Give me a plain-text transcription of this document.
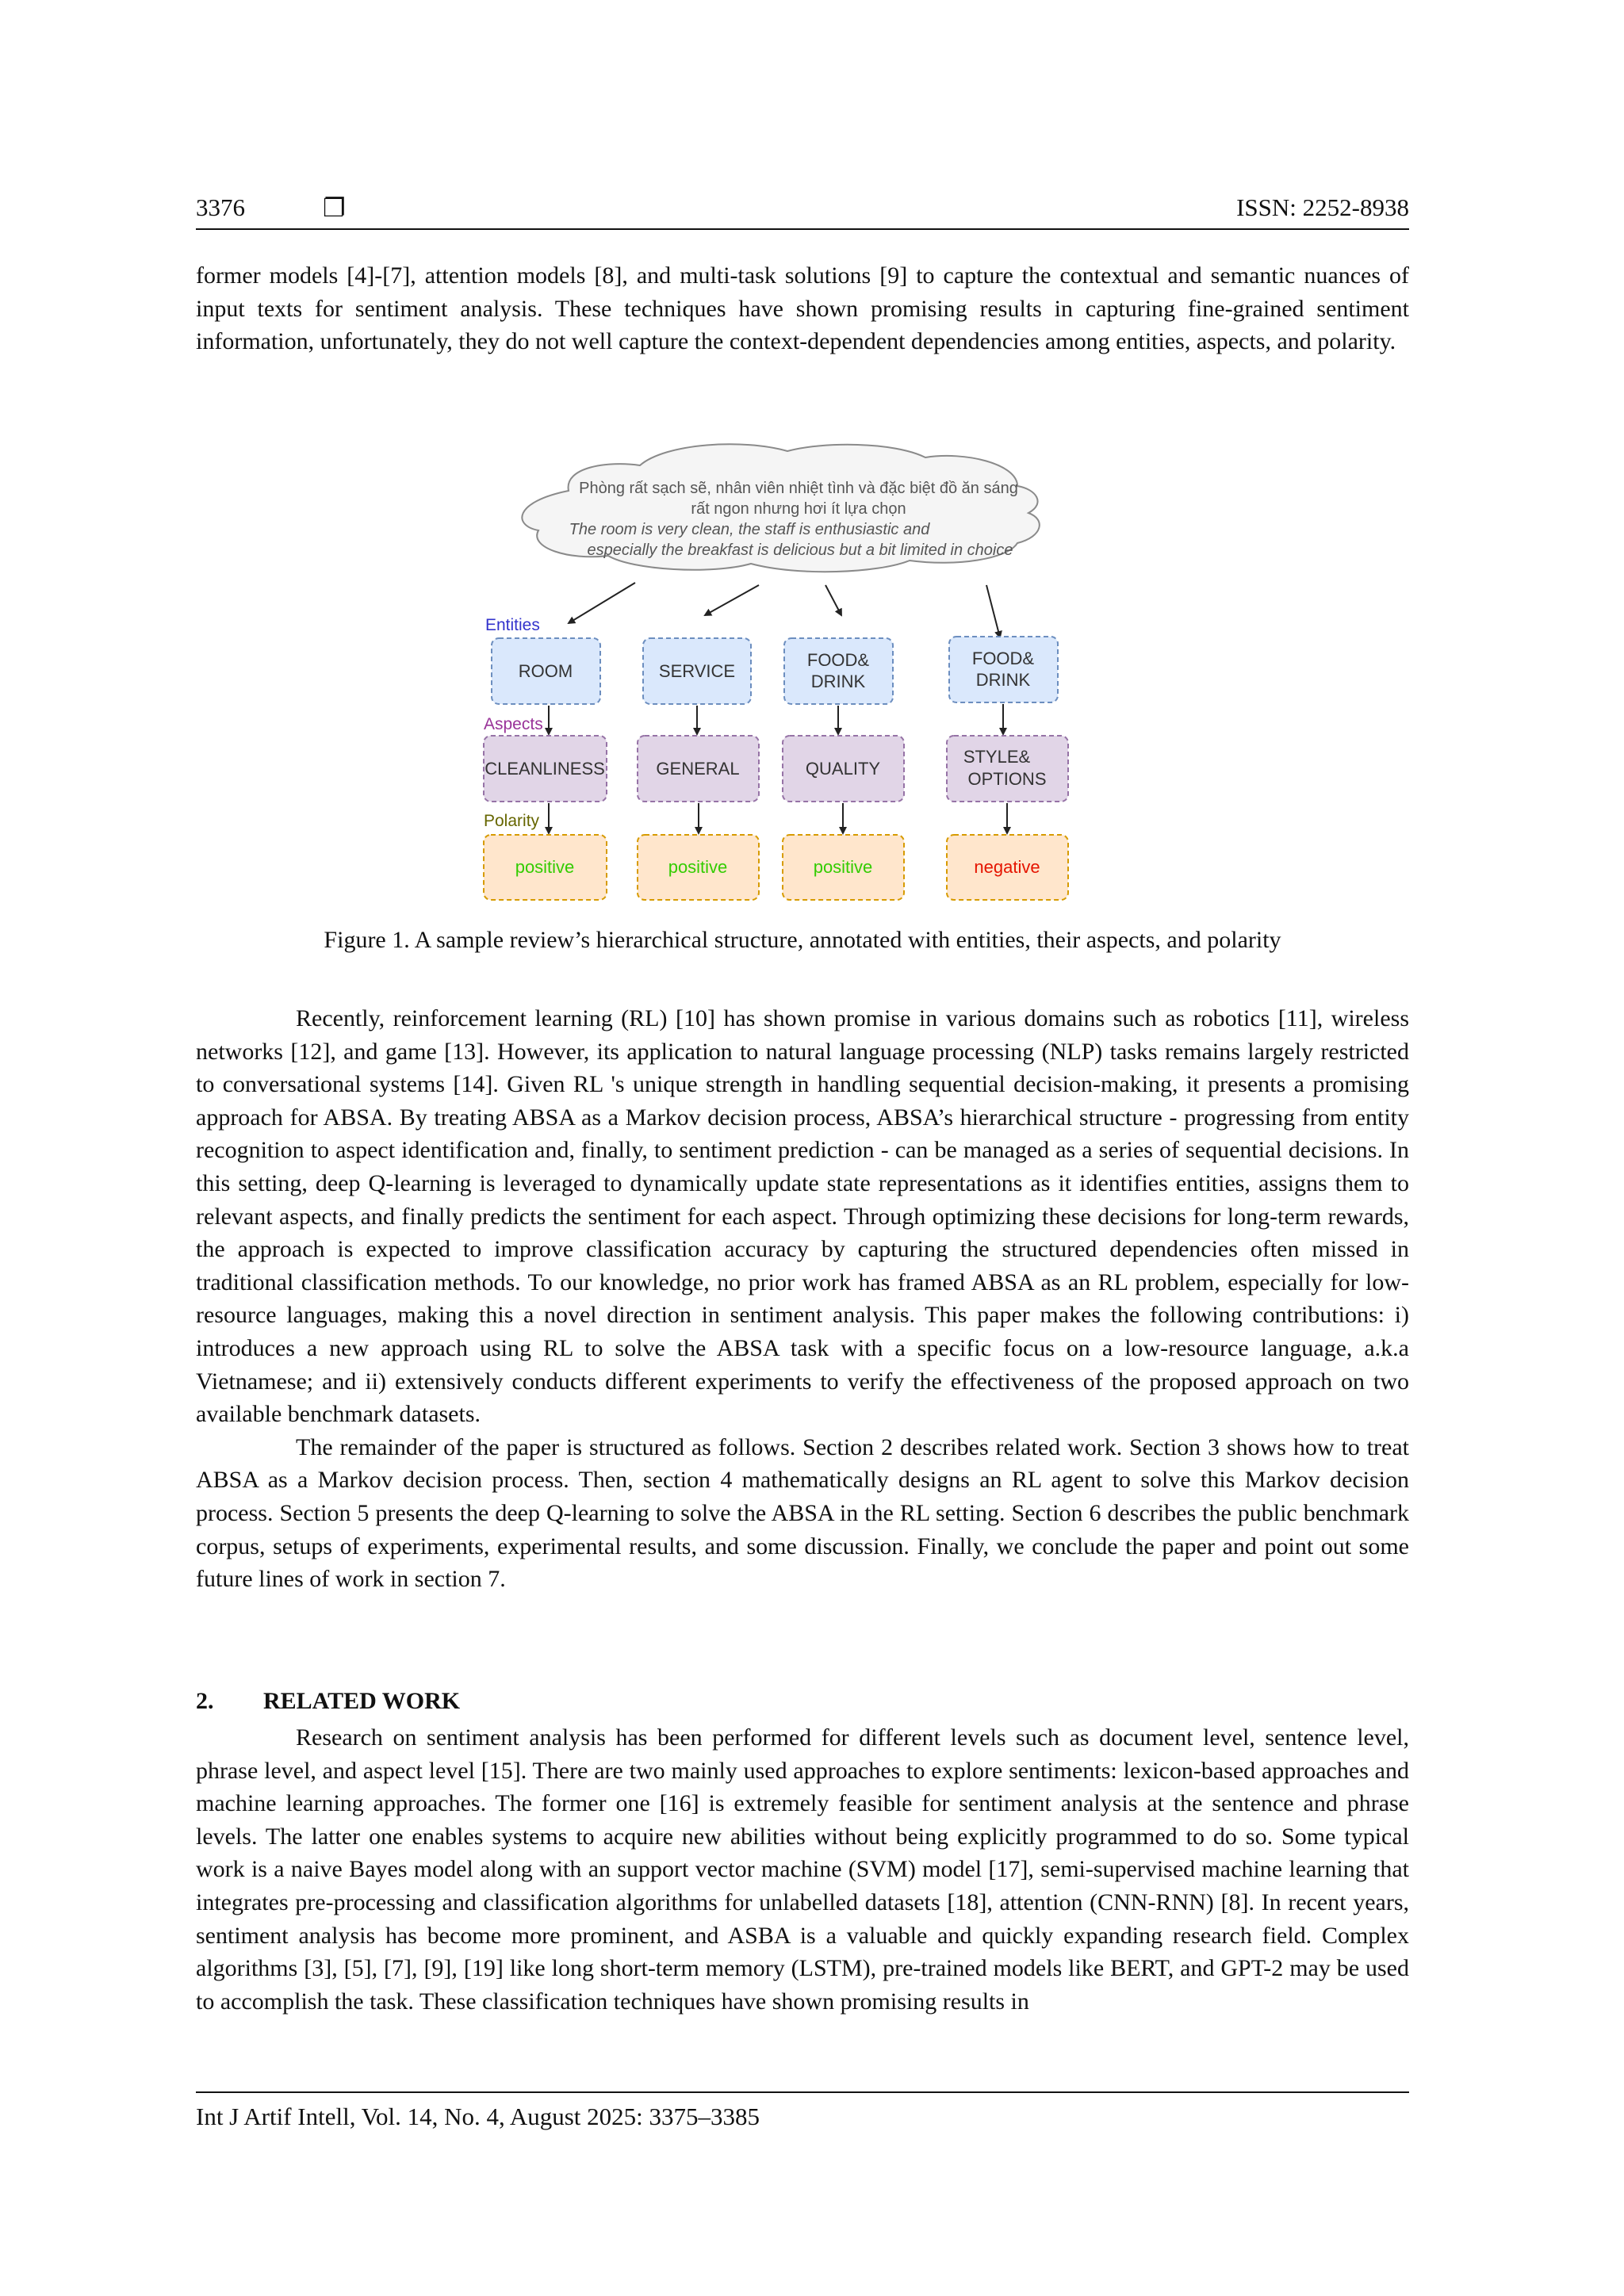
3376	❐	ISSN: 2252-8938

former models [4]-[7], attention models [8], and multi-task solutions [9] to capture the contextual and semantic nuances of input texts for sentiment analysis. These techniques have shown promising results in capturing fine-grained sentiment information, unfortunately, they do not well capture the context-dependent dependencies among entities, aspects, and polarity.

Phòng rất sạch sẽ, nhân viên nhiệt tình và đặc biệt đồ ăn sáng
rất ngon nhưng hơi ít lựa chọn
The room is very clean, the staff is enthusiastic and
especially the breakfast is delicious but a bit limited in choice
Entities
Aspects
Polarity
ROOM	SERVICE
FOOD&
DRINK
FOOD&
DRINK
CLEANLINESS	GENERAL	QUALITY
STYLE&
OPTIONS
positive	positive	positive	negative
Figure 1. A sample review’s hierarchical structure, annotated with entities, their aspects, and polarity

Recently, reinforcement learning (RL) [10] has shown promise in various domains such as robotics [11], wireless networks [12], and game [13]. However, its application to natural language processing (NLP) tasks remains largely restricted to conversational systems [14]. Given RL 's unique strength in handling sequential decision-making, it presents a promising approach for ABSA. By treating ABSA as a Markov decision process, ABSA’s hierarchical structure - progressing from entity recognition to aspect identification and, finally, to sentiment prediction - can be managed as a series of sequential decisions. In this setting, deep Q-learning is leveraged to dynamically update state representations as it identifies entities, assigns them to relevant aspects, and finally predicts the sentiment for each aspect. Through optimizing these decisions for long-term rewards, the approach is expected to improve classification accuracy by capturing the structured dependencies often missed in traditional classification methods. To our knowledge, no prior work has framed ABSA as an RL problem, especially for low-resource languages, making this a novel direction in sentiment analysis. This paper makes the following contributions: i) introduces a new approach using RL to solve the ABSA task with a specific focus on a low-resource language, a.k.a Vietnamese; and ii) extensively conducts different experiments to verify the effectiveness of the proposed approach on two available benchmark datasets.

The remainder of the paper is structured as follows. Section 2 describes related work. Section 3 shows how to treat ABSA as a Markov decision process. Then, section 4 mathematically designs an RL agent to solve this Markov decision process. Section 5 presents the deep Q-learning to solve the ABSA in the RL setting. Section 6 describes the public benchmark corpus, setups of experiments, experimental results, and some discussion. Finally, we conclude the paper and point out some future lines of work in section 7.

2. RELATED WORK

Research on sentiment analysis has been performed for different levels such as document level, sentence level, phrase level, and aspect level [15]. There are two mainly used approaches to explore sentiments: lexicon-based approaches and machine learning approaches. The former one [16] is extremely feasible for sentiment analysis at the sentence and phrase levels. The latter one enables systems to acquire new abilities without being explicitly programmed to do so. Some typical work is a naive Bayes model along with an support vector machine (SVM) model [17], semi-supervised machine learning that integrates pre-processing and classification algorithms for unlabelled datasets [18], attention (CNN-RNN) [8]. In recent years, sentiment analysis has become more prominent, and ASBA is a valuable and quickly expanding research field. Complex algorithms [3], [5], [7], [9], [19] like long short-term memory (LSTM), pre-trained models like BERT, and GPT-2 may be used to accomplish the task. These classification techniques have shown promising results in

Int J Artif Intell, Vol. 14, No. 4, August 2025: 3375–3385
